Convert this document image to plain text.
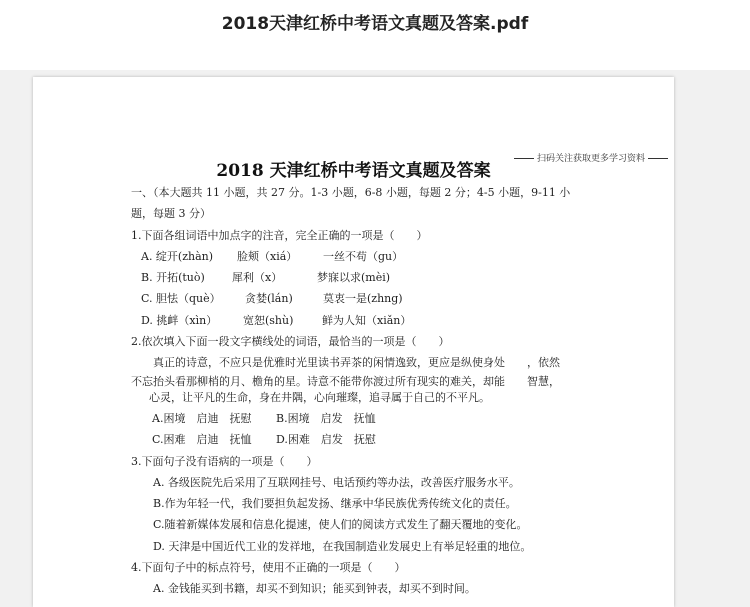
2018天津红桥中考语文真题及答案.pdf
扫码关注获取更多学习资料
2018 天津红桥中考语文真题及答案
一、（本大题共 11 小题，共 27 分。1-3 小题，6-8 小题，每题 2 分；4-5 小题，9-11 小
题，每题 3 分）
1.下面各组词语中加点字的注音，完全正确的一项是（　　）
A. 绽开(zhàn) 脸颊（xiá） 一丝不苟（gu）
B. 开拓(tuò) 犀利（x）	梦寐以求(mèi)
C. 胆怯（què） 贪婪(lán)	莫衷一是(zhng)
D. 挑衅（xìn） 宽恕(shù)	鲜为人知（xiǎn）
2.依次填入下面一段文字横线处的词语，最恰当的一项是（　　）
真正的诗意，不应只是优雅时光里读书弄茶的闲情逸致，更应是纵使身处　　，依然
不忘抬头看那柳梢的月、檐角的星。诗意不能带你渡过所有现实的难关，却能　　智慧，
心灵，让平凡的生命，身在井隅，心向璀璨，追寻属于自己的不平凡。
A.困境　启迪　抚慰 B.困境　启发　抚恤
C.困难　启迪　抚恤 D.困难　启发　抚慰
3.下面句子没有语病的一项是（　　）
A. 各级医院先后采用了互联网挂号、电话预约等办法，改善医疗服务水平。
B.作为年轻一代，我们要担负起发扬、继承中华民族优秀传统文化的责任。
C.随着新媒体发展和信息化提速，使人们的阅读方式发生了翻天覆地的变化。
D. 天津是中国近代工业的发祥地，在我国制造业发展史上有举足轻重的地位。
4.下面句子中的标点符号，使用不正确的一项是（　　）
A. 金钱能买到书籍，却买不到知识；能买到钟表，却买不到时间。
